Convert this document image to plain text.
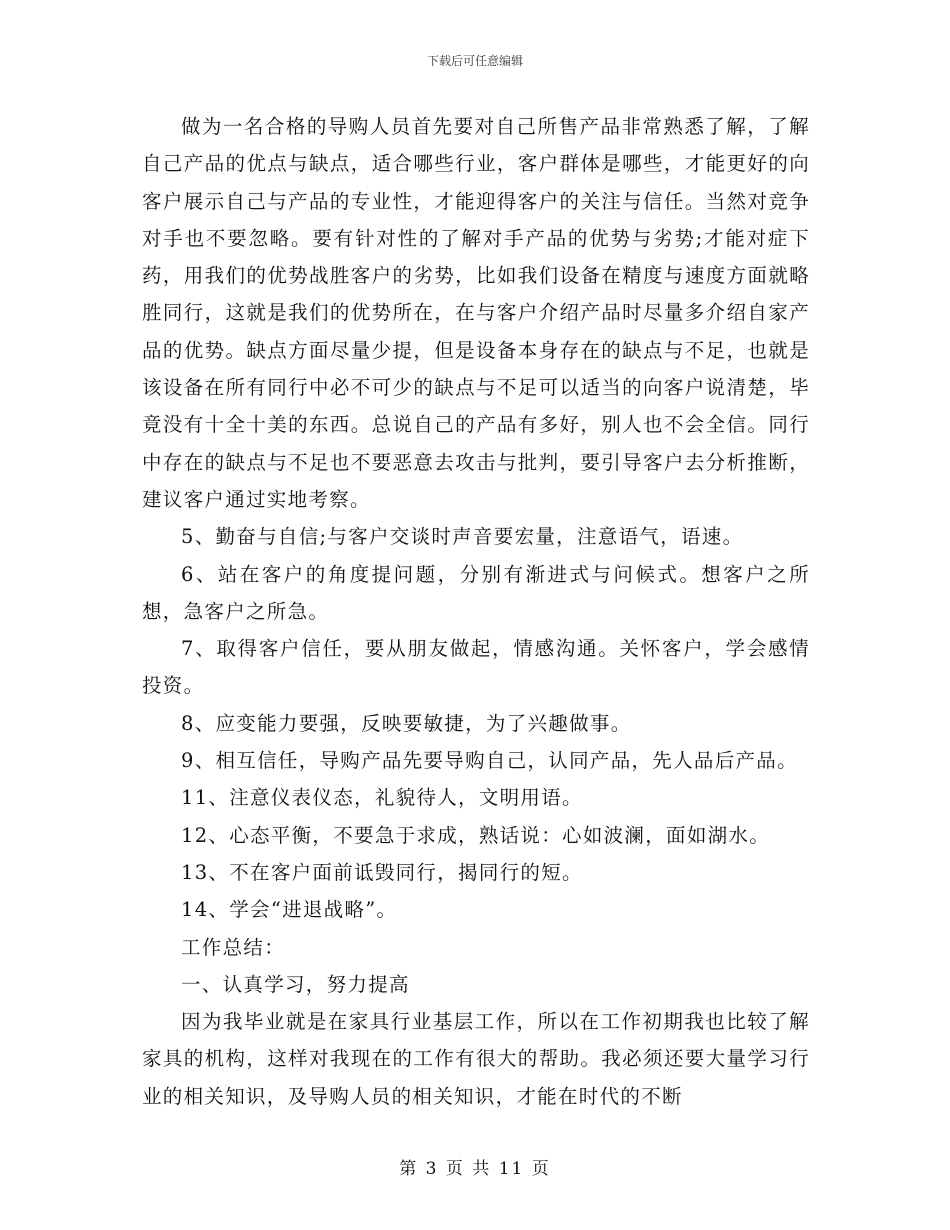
下载后可任意编辑

做为一名合格的导购人员首先要对自己所售产品非常熟悉了解，了解自己产品的优点与缺点，适合哪些行业，客户群体是哪些，才能更好的向客户展示自己与产品的专业性，才能迎得客户的关注与信任。当然对竞争对手也不要忽略。要有针对性的了解对手产品的优势与劣势;才能对症下药，用我们的优势战胜客户的劣势，比如我们设备在精度与速度方面就略胜同行，这就是我们的优势所在，在与客户介绍产品时尽量多介绍自家产品的优势。缺点方面尽量少提，但是设备本身存在的缺点与不足，也就是该设备在所有同行中必不可少的缺点与不足可以适当的向客户说清楚，毕竟没有十全十美的东西。总说自己的产品有多好，别人也不会全信。同行中存在的缺点与不足也不要恶意去攻击与批判，要引导客户去分析推断，建议客户通过实地考察。

5、勤奋与自信;与客户交谈时声音要宏量，注意语气，语速。

6、站在客户的角度提问题，分别有渐进式与问候式。想客户之所想，急客户之所急。

7、取得客户信任，要从朋友做起，情感沟通。关怀客户，学会感情投资。

8、应变能力要强，反映要敏捷，为了兴趣做事。

9、相互信任，导购产品先要导购自己，认同产品，先人品后产品。

11、注意仪表仪态，礼貌待人，文明用语。

12、心态平衡，不要急于求成，熟话说：心如波澜，面如湖水。

13、不在客户面前诋毁同行，揭同行的短。

14、学会“进退战略”。

工作总结：

一、认真学习，努力提高

因为我毕业就是在家具行业基层工作，所以在工作初期我也比较了解家具的机构，这样对我现在的工作有很大的帮助。我必须还要大量学习行业的相关知识，及导购人员的相关知识，才能在时代的不断

第 3 页 共 11 页
